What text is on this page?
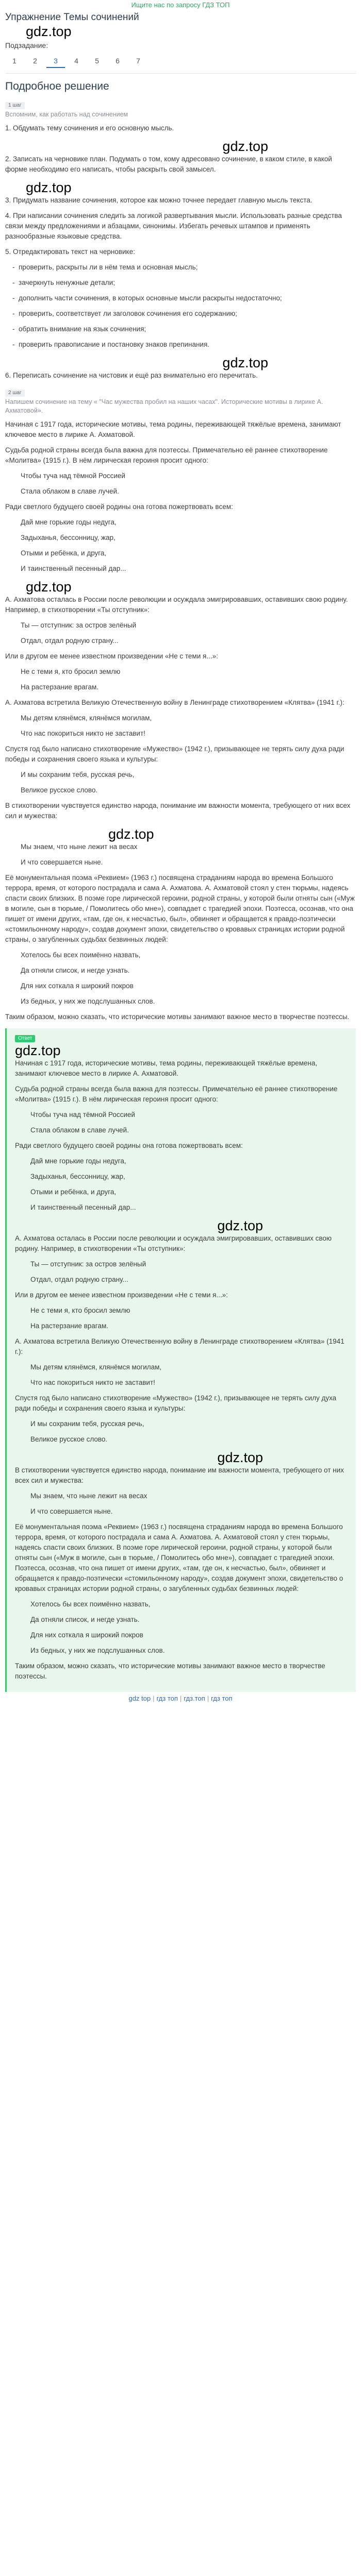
Ищите нас по запросу ГДЗ ТОП
Упражнение Темы сочинений
gdz.top
Подзадание:
1	2	3	4	5	6	7
Подробное решение
1 шаг
Вспомним, как работать над сочинением

1. Обдумать тему сочинения и его основную мысль.

gdz.top

2. Записать на черновике план. Подумать о том, кому адресовано сочинение, в каком стиле, в какой форме необходимо его написать, чтобы раскрыть свой замысел.

gdz.top

3. Придумать название сочинения, которое как можно точнее передает главную мысль текста.

4. При написании сочинения следить за логикой развертывания мысли. Использовать разные средства связи между предложениями и абзацами, синонимы. Избегать речевых штампов и применять разнообразные языковые средства.

5. Отредактировать текст на черновике:

- проверить, раскрыты ли в нём тема и основная мысль;
- зачеркнуть ненужные детали;
- дополнить части сочинения, в которых основные мысли раскрыты недостаточно;
- проверить, соответствует ли заголовок сочинения его содержанию;
- обратить внимание на язык сочинения;
- проверить правописание и постановку знаков препинания.
gdz.top

6. Переписать сочинение на чистовик и ещё раз внимательно его перечитать.

2 шаг
Напишем сочинение на тему « "Час мужества пробил на наших часах". Исторические мотивы в лирике А. Ахматовой».

Начиная с 1917 года, исторические мотивы, тема родины, переживающей тяжёлые времена, занимают ключевое место в лирике А. Ахматовой.

Судьба родной страны всегда была важна для поэтессы. Примечательно её раннее стихотворение «Молитва» (1915 г.). В нём лирическая героиня просит одного:

Чтобы туча над тёмной Россией
Стала облаком в славе лучей.

Ради светлого будущего своей родины она готова пожертвовать всем:

Дай мне горькие годы недуга,
Задыханья, бессонницу, жар,
Отыми и ребёнка, и друга,
И таинственный песенный дар...
gdz.top

А. Ахматова осталась в России после революции и осуждала эмигрировавших, оставивших свою родину. Например, в стихотворении «Ты отступник»:

Ты — отступник: за остров зелёный
Отдал, отдал родную страну...

Или в другом ее менее известном произведении «Не с теми я...»:

Не с теми я, кто бросил землю
На растерзание врагам.

А. Ахматова встретила Великую Отечественную войну в Ленинграде стихотворением «Клятва» (1941 г.):

Мы детям клянёмся, клянёмся могилам,
Что нас покориться никто не заставит!

Спустя год было написано стихотворение «Мужество» (1942 г.), призывающее не терять силу духа ради победы и сохранения своего языка и культуры:

И мы сохраним тебя, русская речь,
Великое русское слово.

В стихотворении чувствуется единство народа, понимание им важности момента, требующего от них всех сил и мужества:

gdz.top
Мы знаем, что ныне лежит на весах
И что совершается ныне.

Её монументальная поэма «Реквием» (1963 г.) посвящена страданиям народа во времена Большого террора, время, от которого пострадала и сама А. Ахматова. А. Ахматовой стоял у стен тюрьмы, надеясь спасти своих близких. В поэме горе лирической героини, родной страны, у которой были отняты сын («Муж в могиле, сын в тюрьме, / Помолитесь обо мне»), совпадает с трагедией эпохи. Поэтесса, осознав, что она пишет от имени других, «там, где он, к несчастью, был», обвиняет и обращается к правдо-поэтически «стомильонному народу», создав документ эпохи, свидетельство о кровавых страницах истории родной страны, о загубленных судьбах безвинных людей:

Хотелось бы всех поимённо назвать,
Да отняли список, и негде узнать.
Для них соткала я широкий покров
Из бедных, у них же подслушанных слов.

Таким образом, можно сказать, что исторические мотивы занимают важное место в творчестве поэтессы.

Ответ
gdz.top

Начиная с 1917 года, исторические мотивы, тема родины, переживающей тяжёлые времена, занимают ключевое место в лирике А. Ахматовой.

Судьба родной страны всегда была важна для поэтессы. Примечательно её раннее стихотворение «Молитва» (1915 г.). В нём лирическая героиня просит одного:

Чтобы туча над тёмной Россией
Стала облаком в славе лучей.

Ради светлого будущего своей родины она готова пожертвовать всем:

Дай мне горькие годы недуга,
Задыханья, бессонницу, жар,
Отыми и ребёнка, и друга,
И таинственный песенный дар...
gdz.top

А. Ахматова осталась в России после революции и осуждала эмигрировавших, оставивших свою родину. Например, в стихотворении «Ты отступник»:

Ты — отступник: за остров зелёный
Отдал, отдал родную страну...

Или в другом ее менее известном произведении «Не с теми я...»:

Не с теми я, кто бросил землю
На растерзание врагам.

А. Ахматова встретила Великую Отечественную войну в Ленинграде стихотворением «Клятва» (1941 г.):

Мы детям клянёмся, клянёмся могилам,
Что нас покориться никто не заставит!

Спустя год было написано стихотворение «Мужество» (1942 г.), призывающее не терять силу духа ради победы и сохранения своего языка и культуры:

И мы сохраним тебя, русская речь,
Великое русское слово.
gdz.top

В стихотворении чувствуется единство народа, понимание им важности момента, требующего от них всех сил и мужества:

Мы знаем, что ныне лежит на весах
И что совершается ныне.

Её монументальная поэма «Реквием» (1963 г.) посвящена страданиям народа во времена Большого террора, время, от которого пострадала и сама А. Ахматова. А. Ахматовой стоял у стен тюрьмы, надеясь спасти своих близких. В поэме горе лирической героини, родной страны, у которой были отняты сын («Муж в могиле, сын в тюрьме, / Помолитесь обо мне»), совпадает с трагедией эпохи. Поэтесса, осознав, что она пишет от имени других, «там, где он, к несчастью, был», обвиняет и обращается к правдо-поэтически «стомильонному народу», создав документ эпохи, свидетельство о кровавых страницах истории родной страны, о загубленных судьбах безвинных людей:

Хотелось бы всех поимённо назвать,
Да отняли список, и негде узнать.
Для них соткала я широкий покров
Из бедных, у них же подслушанных слов.

Таким образом, можно сказать, что исторические мотивы занимают важное место в творчестве поэтессы.

gdz top | гдз топ | гдз.топ | гдз топ
